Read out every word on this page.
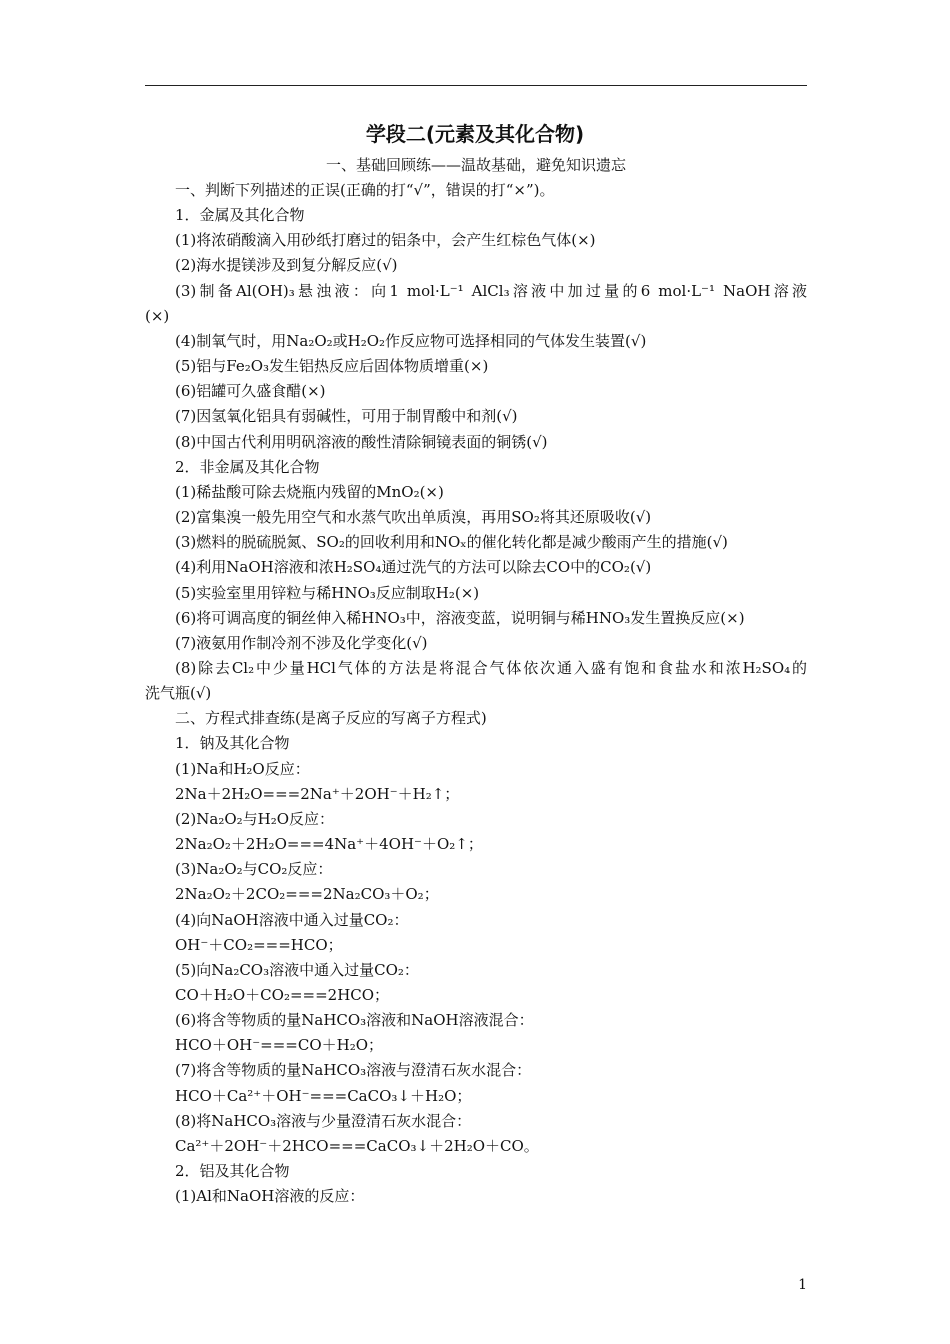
学段二(元素及其化合物)
一、基础回顾练——温故基础，避免知识遗忘
一、判断下列描述的正误(正确的打“√”，错误的打“×”)。
1．金属及其化合物
(1)将浓硝酸滴入用砂纸打磨过的铝条中，会产生红棕色气体(×)
(2)海水提镁涉及到复分解反应(√)
(3)制备Al(OH)₃悬浊液：向1 mol·L⁻¹ AlCl₃溶液中加过量的6 mol·L⁻¹ NaOH溶液
(×)
(4)制氧气时，用Na₂O₂或H₂O₂作反应物可选择相同的气体发生装置(√)
(5)铝与Fe₂O₃发生铝热反应后固体物质增重(×)
(6)铝罐可久盛食醋(×)
(7)因氢氧化铝具有弱碱性，可用于制胃酸中和剂(√)
(8)中国古代利用明矾溶液的酸性清除铜镜表面的铜锈(√)
2．非金属及其化合物
(1)稀盐酸可除去烧瓶内残留的MnO₂(×)
(2)富集溴一般先用空气和水蒸气吹出单质溴，再用SO₂将其还原吸收(√)
(3)燃料的脱硫脱氮、SO₂的回收利用和NOₓ的催化转化都是减少酸雨产生的措施(√)
(4)利用NaOH溶液和浓H₂SO₄通过洗气的方法可以除去CO中的CO₂(√)
(5)实验室里用锌粒与稀HNO₃反应制取H₂(×)
(6)将可调高度的铜丝伸入稀HNO₃中，溶液变蓝，说明铜与稀HNO₃发生置换反应(×)
(7)液氨用作制冷剂不涉及化学变化(√)
(8)除去Cl₂中少量HCl气体的方法是将混合气体依次通入盛有饱和食盐水和浓H₂SO₄的
洗气瓶(√)
二、方程式排查练(是离子反应的写离子方程式)
1．钠及其化合物
(1)Na和H₂O反应：
2Na＋2H₂O===2Na⁺＋2OH⁻＋H₂↑；
(2)Na₂O₂与H₂O反应：
2Na₂O₂＋2H₂O===4Na⁺＋4OH⁻＋O₂↑；
(3)Na₂O₂与CO₂反应：
2Na₂O₂＋2CO₂===2Na₂CO₃＋O₂；
(4)向NaOH溶液中通入过量CO₂：
OH⁻＋CO₂===HCO；
(5)向Na₂CO₃溶液中通入过量CO₂：
CO＋H₂O＋CO₂===2HCO；
(6)将含等物质的量NaHCO₃溶液和NaOH溶液混合：
HCO＋OH⁻===CO＋H₂O；
(7)将含等物质的量NaHCO₃溶液与澄清石灰水混合：
HCO＋Ca²⁺＋OH⁻===CaCO₃↓＋H₂O；
(8)将NaHCO₃溶液与少量澄清石灰水混合：
Ca²⁺＋2OH⁻＋2HCO===CaCO₃↓＋2H₂O＋CO。
2．铝及其化合物
(1)Al和NaOH溶液的反应：
1
